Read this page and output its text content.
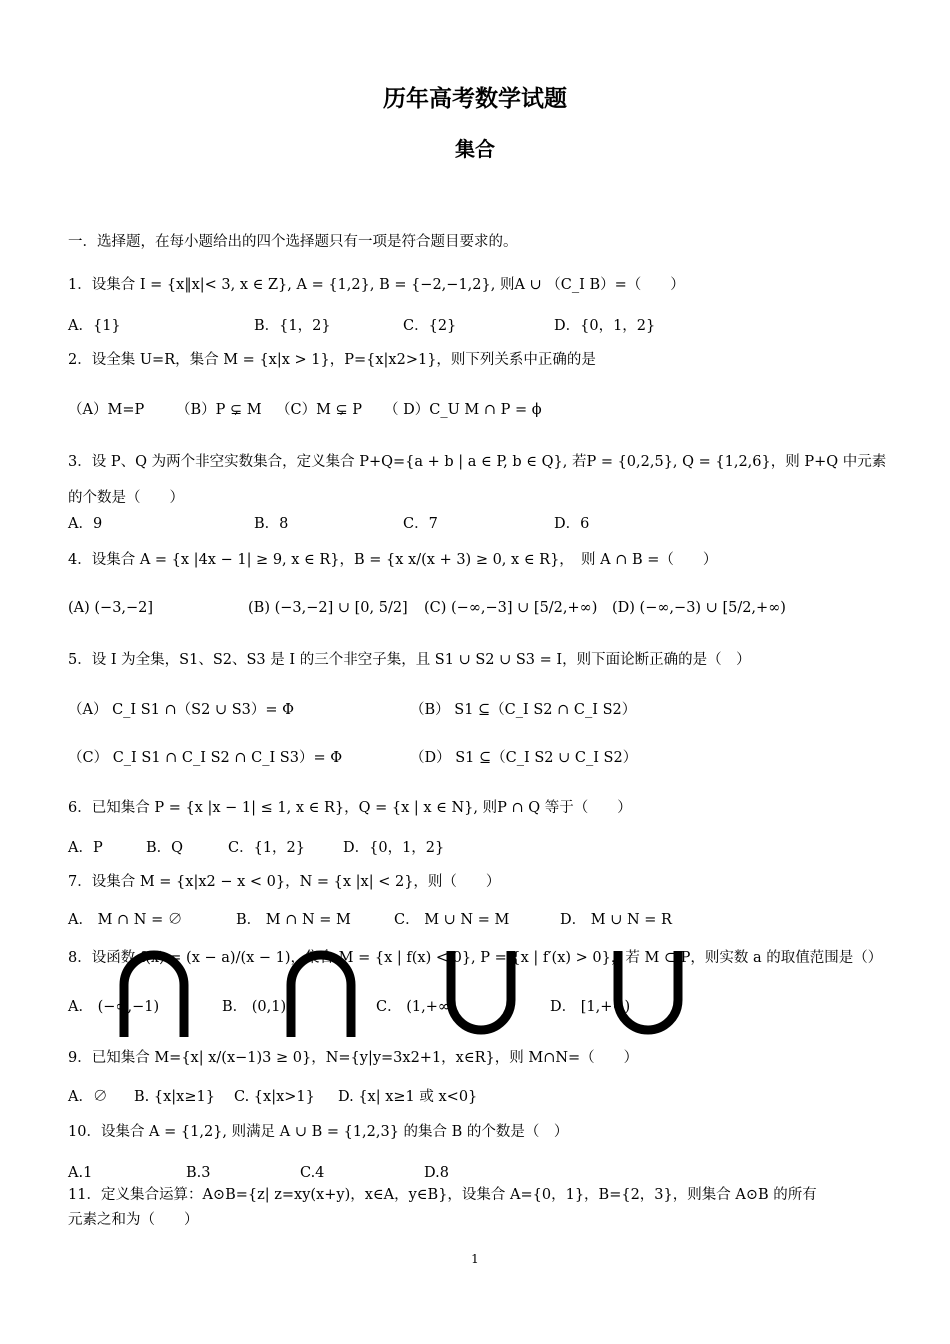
历年高考数学试题
集合
一．选择题，在每小题给出的四个选择题只有一项是符合题目要求的。
1．设集合 I = {x‖x|< 3, x ∈ Z}, A = {1,2}, B = {−2,−1,2}, 则A ∪ （C_I B）=（　　）
A．{1}	B．{1，2}	C．{2}	D．{0，1，2}
2．设全集 U=R，集合 M = {x|x > 1}，P={x|x2>1}，则下列关系中正确的是
（A）M=P （B）P ⊊ M （C）M ⊊ P （ D）C_U M ∩ P = ϕ
3．设 P、Q 为两个非空实数集合，定义集合 P+Q={a + b | a ∈ P, b ∈ Q}, 若P = {0,2,5}, Q = {1,2,6}，则 P+Q 中元素
的个数是（　　）
A．9	B．8	C．7	D．6
4．设集合 A = {x |4x − 1| ≥ 9, x ∈ R}，B = {x x/(x + 3) ≥ 0, x ∈ R}，　则 A ∩ B =（　　）
(A) (−3,−2]	(B) (−3,−2] ∪ [0, 5/2] (C) (−∞,−3] ∪ [5/2,+∞) (D) (−∞,−3) ∪ [5/2,+∞)
5．设 I 为全集，S1、S2、S3 是 I 的三个非空子集，且 S1 ∪ S2 ∪ S3 = I，则下面论断正确的是（　）
（A） C_I S1 ∩（S2 ∪ S3）= Φ	（B） S1 ⊆（C_I S2 ∩ C_I S2）
（C） C_I S1 ∩ C_I S2 ∩ C_I S3）= Φ	（D） S1 ⊆（C_I S2 ∪ C_I S2）
6．已知集合 P = {x |x − 1| ≤ 1, x ∈ R}，Q = {x | x ∈ N}, 则P ∩ Q 等于（　　）
A．P	B．Q	C．{1，2}	D．{0，1，2}
7．设集合 M = {x|x2 − x < 0}，N = {x |x| < 2}，则（　　）
A． M ∩ N = ∅	B． M ∩ N = M	C． M ∪ N = M	D． M ∪ N = R
8．设函数 f(x) = (x − a)/(x − 1)，集合 M = {x | f(x) < 0}, P = {x | f′(x) > 0}，若 M ⊂ P，则实数 a 的取值范围是（）
A． (−∞,−1)	B． (0,1)	C． (1,+∞)	D． [1,+∞)
9．已知集合 M={x| x/(x−1)3 ≥ 0}，N={y|y=3x2+1，x∈R}，则 M∩N=（　　）
A．∅ B. {x|x≥1} C. {x|x>1} D. {x| x≥1 或 x<0}
10．设集合 A = {1,2}, 则满足 A ∪ B = {1,2,3} 的集合 B 的个数是（　）
A.1	B.3	C.4	D.8
11．定义集合运算：A⊙B={z| z=xy(x+y)，x∈A，y∈B}，设集合 A={0，1}，B={2，3}，则集合 A⊙B 的所有
元素之和为（　　）
1
